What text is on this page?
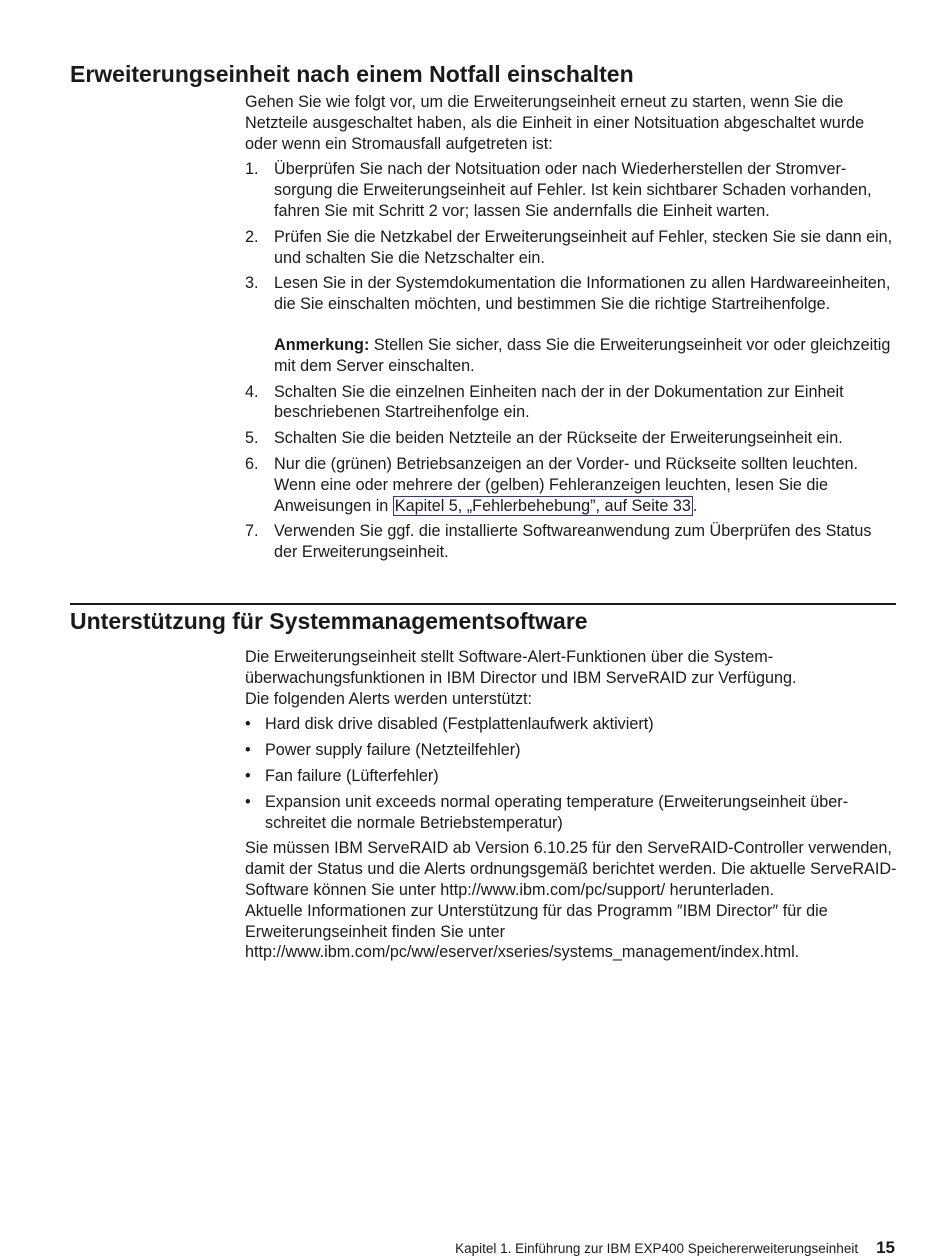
Erweiterungseinheit nach einem Notfall einschalten

Gehen Sie wie folgt vor, um die Erweiterungseinheit erneut zu starten, wenn Sie die Netzteile ausgeschaltet haben, als die Einheit in einer Notsituation abgeschaltet wurde oder wenn ein Stromausfall aufgetreten ist:

1. Überprüfen Sie nach der Notsituation oder nach Wiederherstellen der Stromversorgung die Erweiterungseinheit auf Fehler. Ist kein sichtbarer Schaden vorhanden, fahren Sie mit Schritt 2 vor; lassen Sie andernfalls die Einheit warten.
2. Prüfen Sie die Netzkabel der Erweiterungseinheit auf Fehler, stecken Sie sie dann ein, und schalten Sie die Netzschalter ein.
3. Lesen Sie in der Systemdokumentation die Informationen zu allen Hardwareeinheiten, die Sie einschalten möchten, und bestimmen Sie die richtige Startreihenfolge.
Anmerkung: Stellen Sie sicher, dass Sie die Erweiterungseinheit vor oder gleichzeitig mit dem Server einschalten.
4. Schalten Sie die einzelnen Einheiten nach der in der Dokumentation zur Einheit beschriebenen Startreihenfolge ein.
5. Schalten Sie die beiden Netzteile an der Rückseite der Erweiterungseinheit ein.
6. Nur die (grünen) Betriebsanzeigen an der Vorder- und Rückseite sollten leuchten. Wenn eine oder mehrere der (gelben) Fehleranzeigen leuchten, lesen Sie die Anweisungen in Kapitel 5, „Fehlerbehebung”, auf Seite 33 .
7. Verwenden Sie ggf. die installierte Softwareanwendung zum Überprüfen des Status der Erweiterungseinheit.
Unterstützung für Systemmanagementsoftware

Die Erweiterungseinheit stellt Software-Alert-Funktionen über die Systemüberwachungsfunktionen in IBM Director und IBM ServeRAID zur Verfügung.

Die folgenden Alerts werden unterstützt:

• Hard disk drive disabled (Festplattenlaufwerk aktiviert)
• Power supply failure (Netzteilfehler)
• Fan failure (Lüfterfehler)
• Expansion unit exceeds normal operating temperature (Erweiterungseinheit überschreitet die normale Betriebstemperatur)

Sie müssen IBM ServeRAID ab Version 6.10.25 für den ServeRAID-Controller verwenden, damit der Status und die Alerts ordnungsgemäß berichtet werden. Die aktuelle ServeRAID-Software können Sie unter http://www.ibm.com/pc/support/ herunterladen.

Aktuelle Informationen zur Unterstützung für das Programm ″IBM Director″ für die Erweiterungseinheit finden Sie unter http://www.ibm.com/pc/ww/eserver/xseries/systems_management/index.html.

Kapitel 1. Einführung zur IBM EXP400 Speichererweiterungseinheit 15
